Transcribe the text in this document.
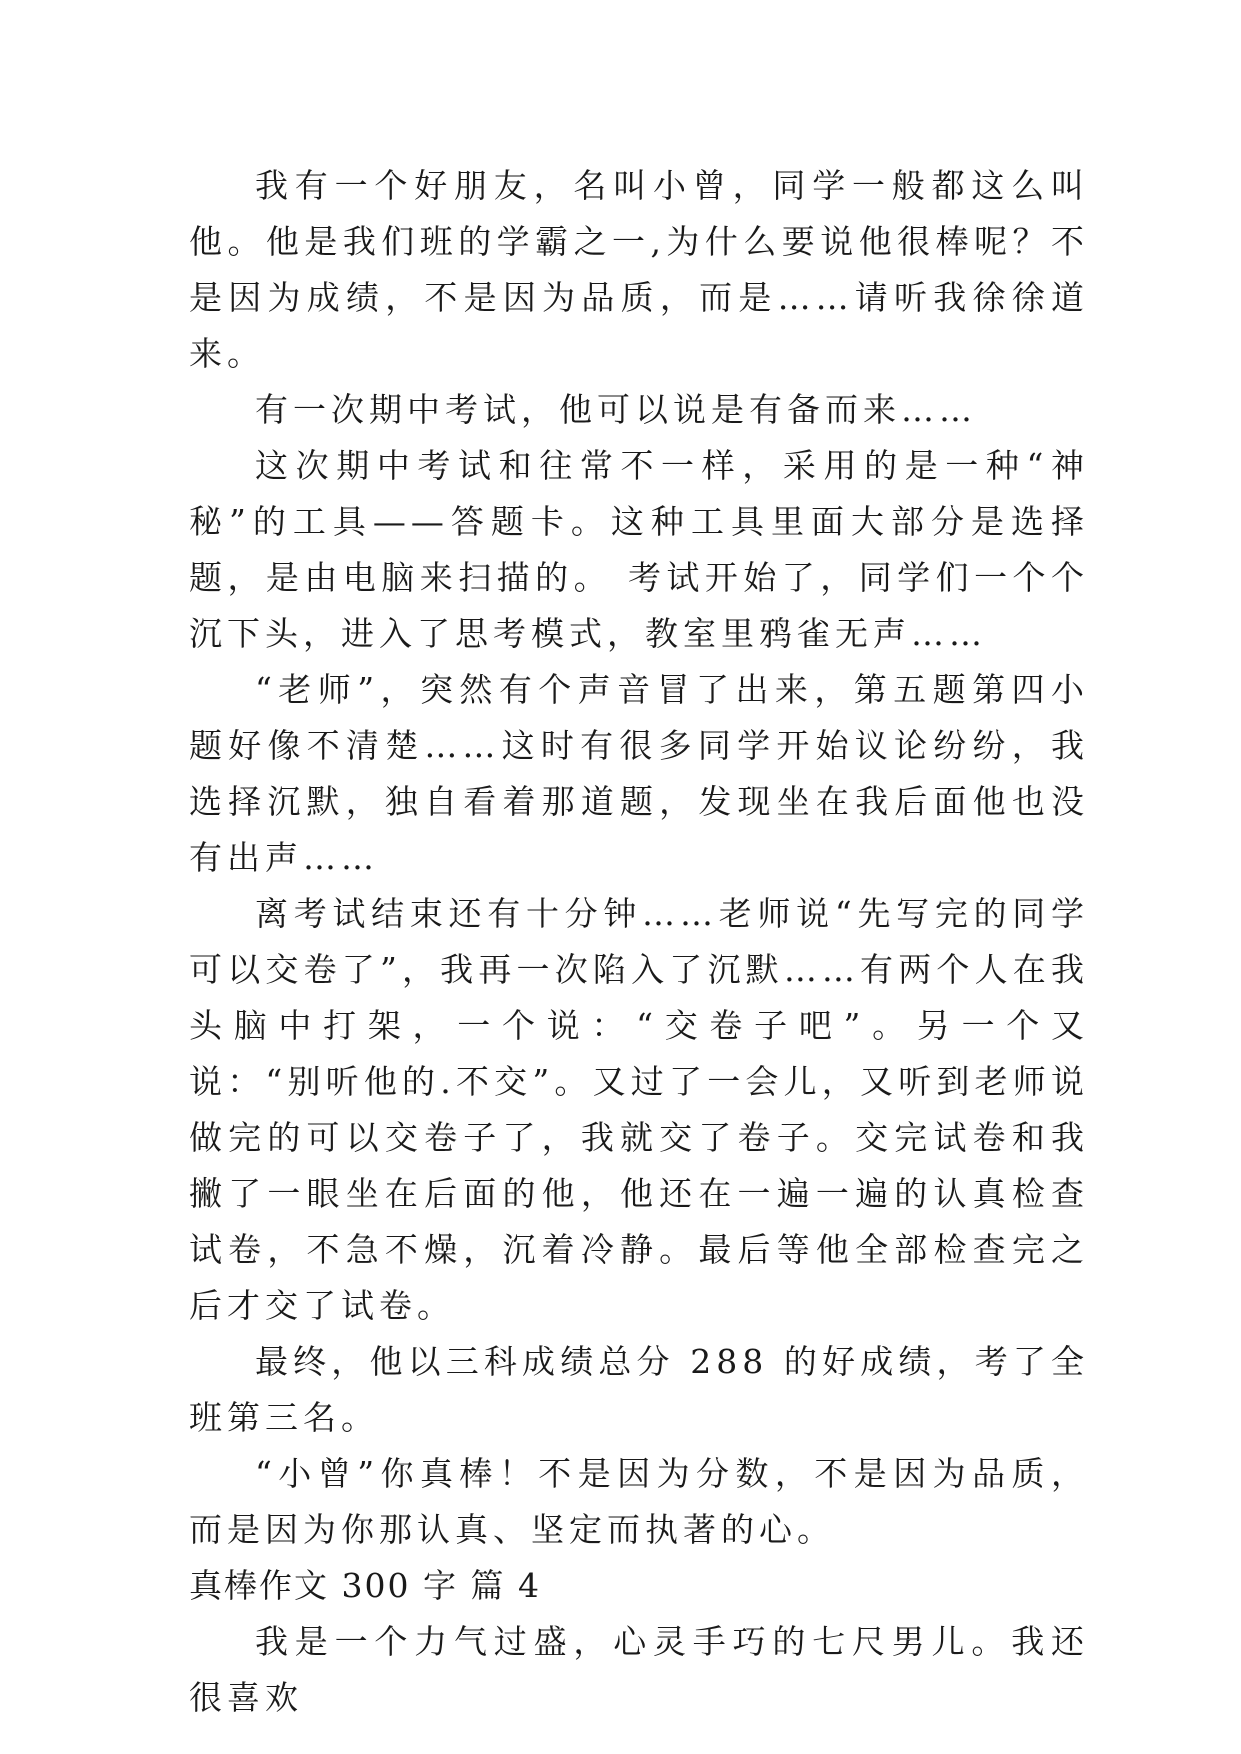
我有一个好朋友，名叫小曾，同学一般都这么叫他。他是我们班的学霸之一,为什么要说他很棒呢？不是因为成绩，不是因为品质，而是……请听我徐徐道来。

有一次期中考试，他可以说是有备而来……

这次期中考试和往常不一样，采用的是一种“神秘”的工具——答题卡。这种工具里面大部分是选择题，是由电脑来扫描的。 考试开始了，同学们一个个沉下头，进入了思考模式，教室里鸦雀无声……

“老师”，突然有个声音冒了出来，第五题第四小题好像不清楚……这时有很多同学开始议论纷纷，我选择沉默，独自看着那道题，发现坐在我后面他也没有出声……

离考试结束还有十分钟……老师说“先写完的同学可以交卷了”，我再一次陷入了沉默……有两个人在我头脑中打架，一个说：“交卷子吧”。另一个又说：“别听他的.不交”。又过了一会儿，又听到老师说做完的可以交卷子了，我就交了卷子。交完试卷和我撇了一眼坐在后面的他，他还在一遍一遍的认真检查试卷，不急不燥，沉着冷静。最后等他全部检查完之后才交了试卷。

最终，他以三科成绩总分 288 的好成绩，考了全班第三名。

“小曾”你真棒！不是因为分数，不是因为品质，而是因为你那认真、坚定而执著的心。

真棒作文 300 字 篇 4

我是一个力气过盛，心灵手巧的七尺男儿。我还很喜欢
